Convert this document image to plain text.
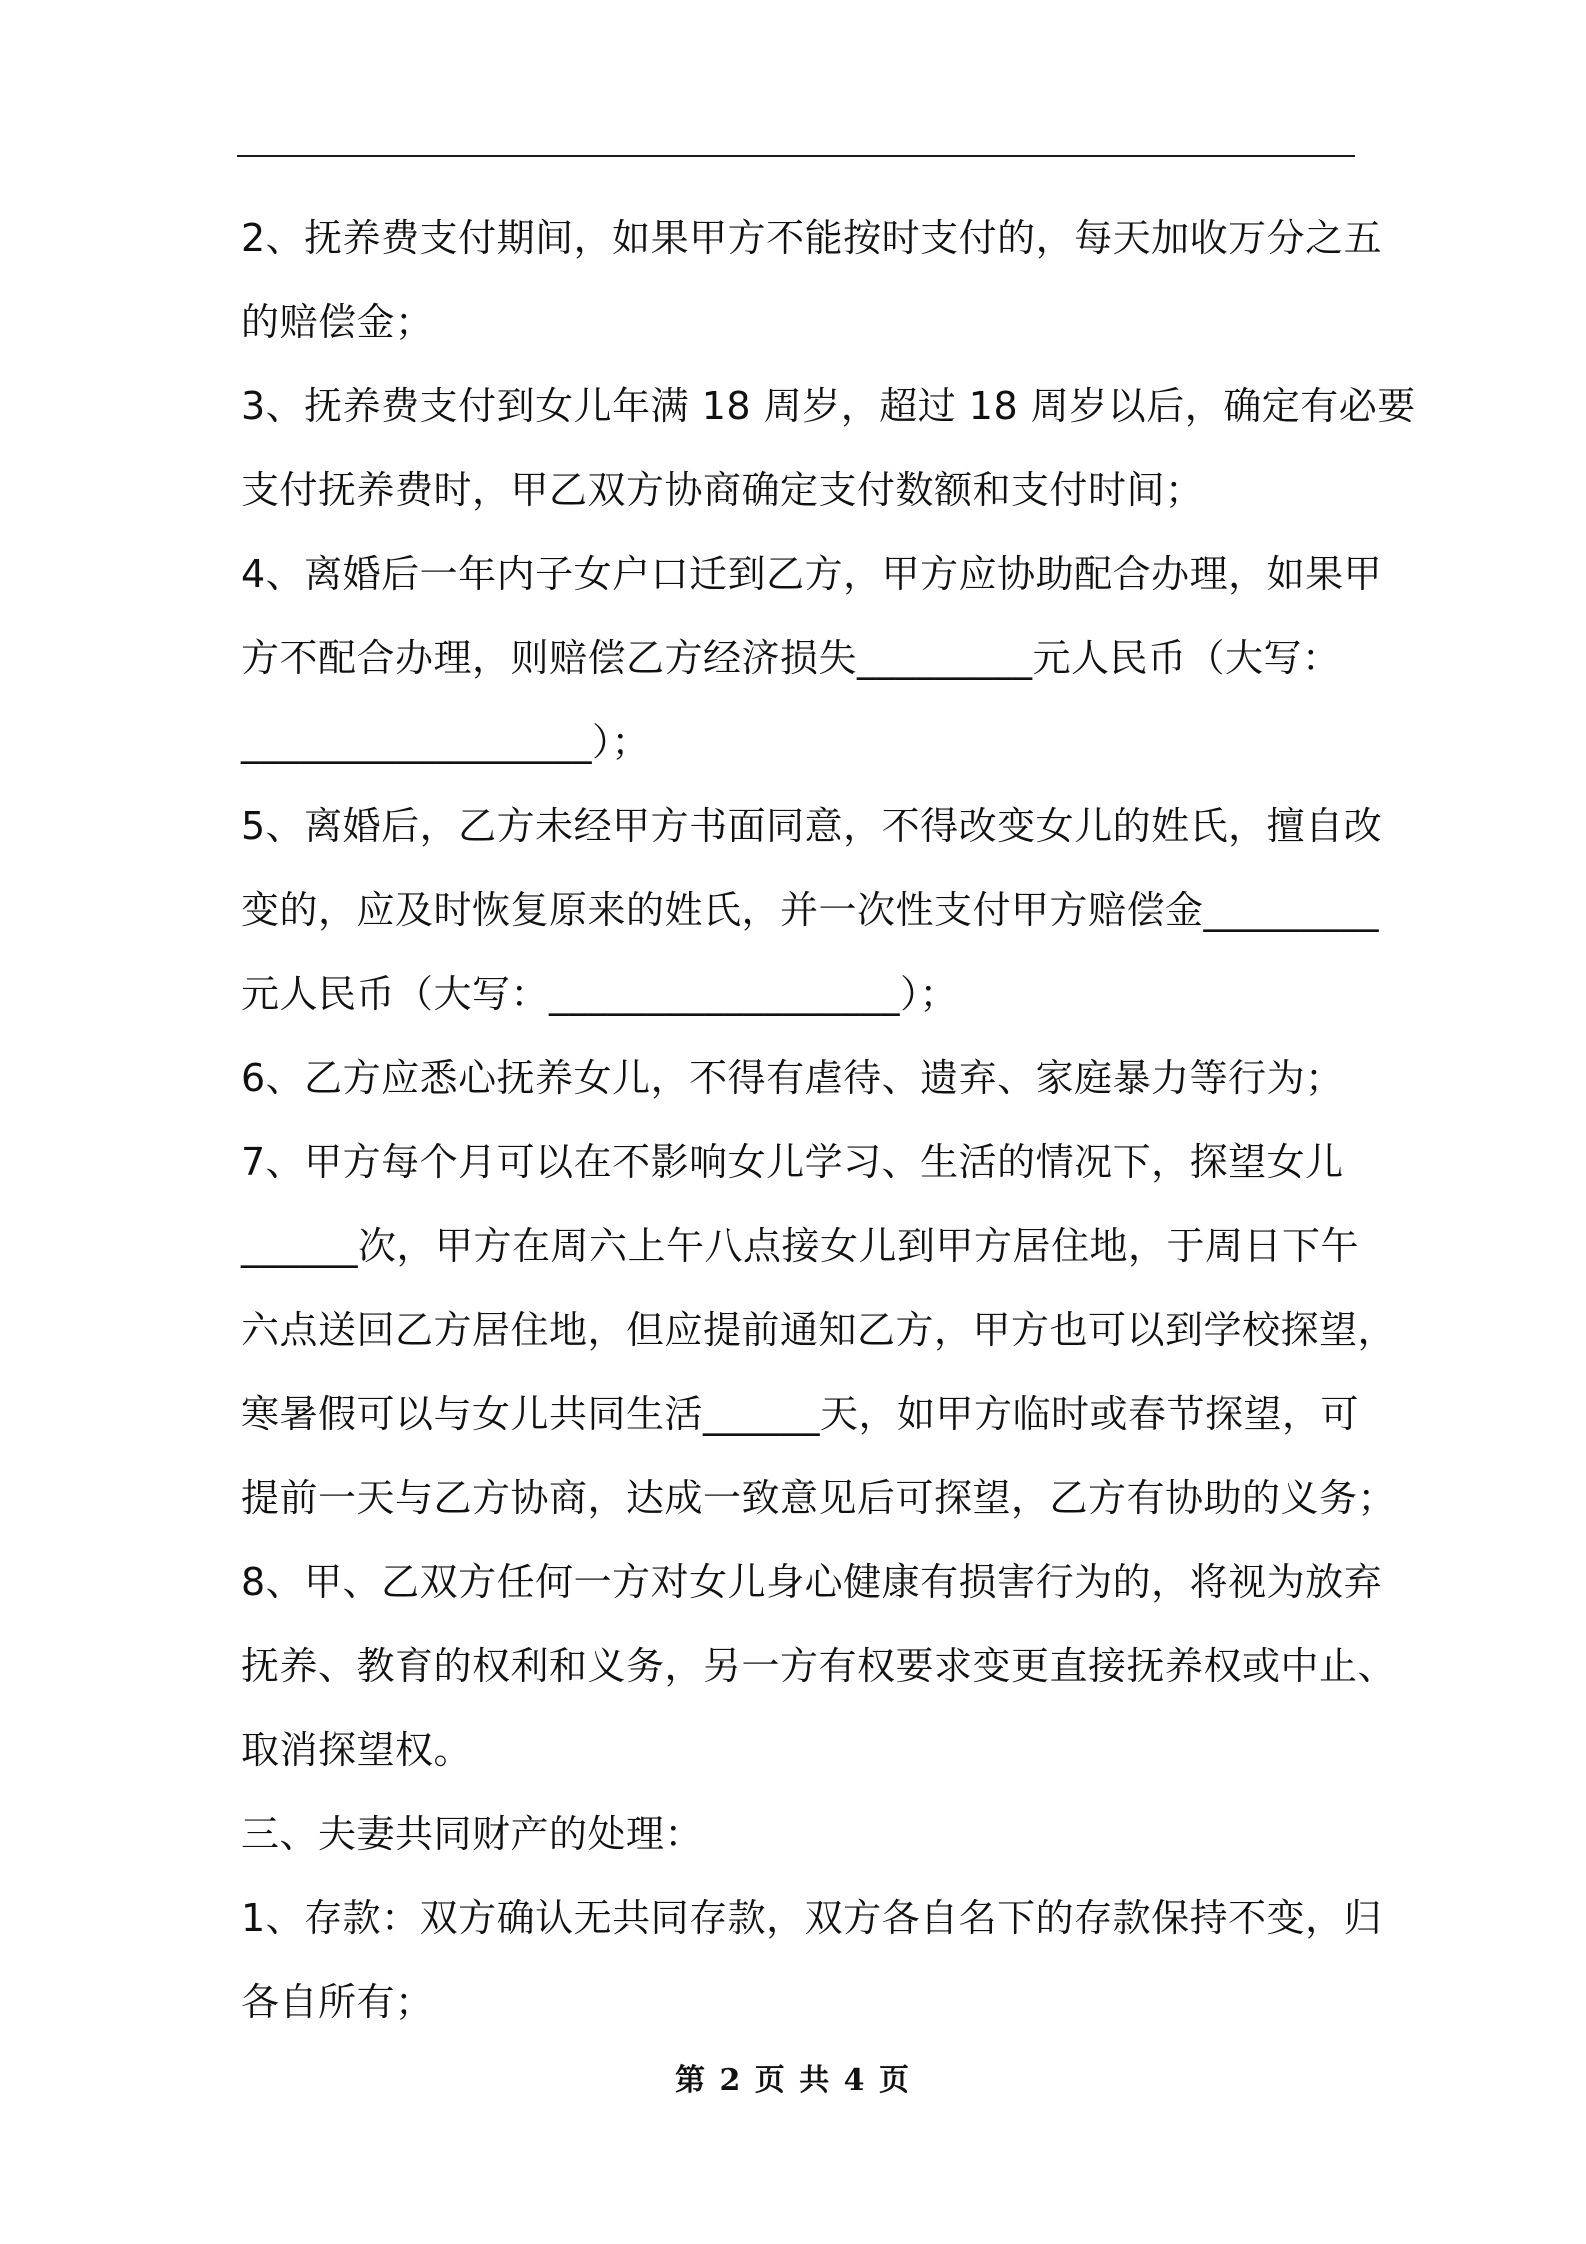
2、抚养费支付期间，如果甲方不能按时支付的，每天加收万分之五

的赔偿金；

3、抚养费支付到女儿年满 18 周岁，超过 18 周岁以后，确定有必要

支付抚养费时，甲乙双方协商确定支付数额和支付时间；

4、离婚后一年内子女户口迁到乙方，甲方应协助配合办理，如果甲

方不配合办理，则赔偿乙方经济损失_________元人民币（大写：

__________________）；

5、离婚后，乙方未经甲方书面同意，不得改变女儿的姓氏，擅自改

变的，应及时恢复原来的姓氏，并一次性支付甲方赔偿金_________

元人民币（大写：__________________）；

6、乙方应悉心抚养女儿，不得有虐待、遗弃、家庭暴力等行为；

7、甲方每个月可以在不影响女儿学习、生活的情况下，探望女儿

______次，甲方在周六上午八点接女儿到甲方居住地，于周日下午

六点送回乙方居住地，但应提前通知乙方，甲方也可以到学校探望，

寒暑假可以与女儿共同生活______天，如甲方临时或春节探望，可

提前一天与乙方协商，达成一致意见后可探望，乙方有协助的义务；

8、甲、乙双方任何一方对女儿身心健康有损害行为的，将视为放弃

抚养、教育的权利和义务，另一方有权要求变更直接抚养权或中止、

取消探望权。

三、夫妻共同财产的处理：

1、存款：双方确认无共同存款，双方各自名下的存款保持不变，归

各自所有；

第 2 页 共 4 页
